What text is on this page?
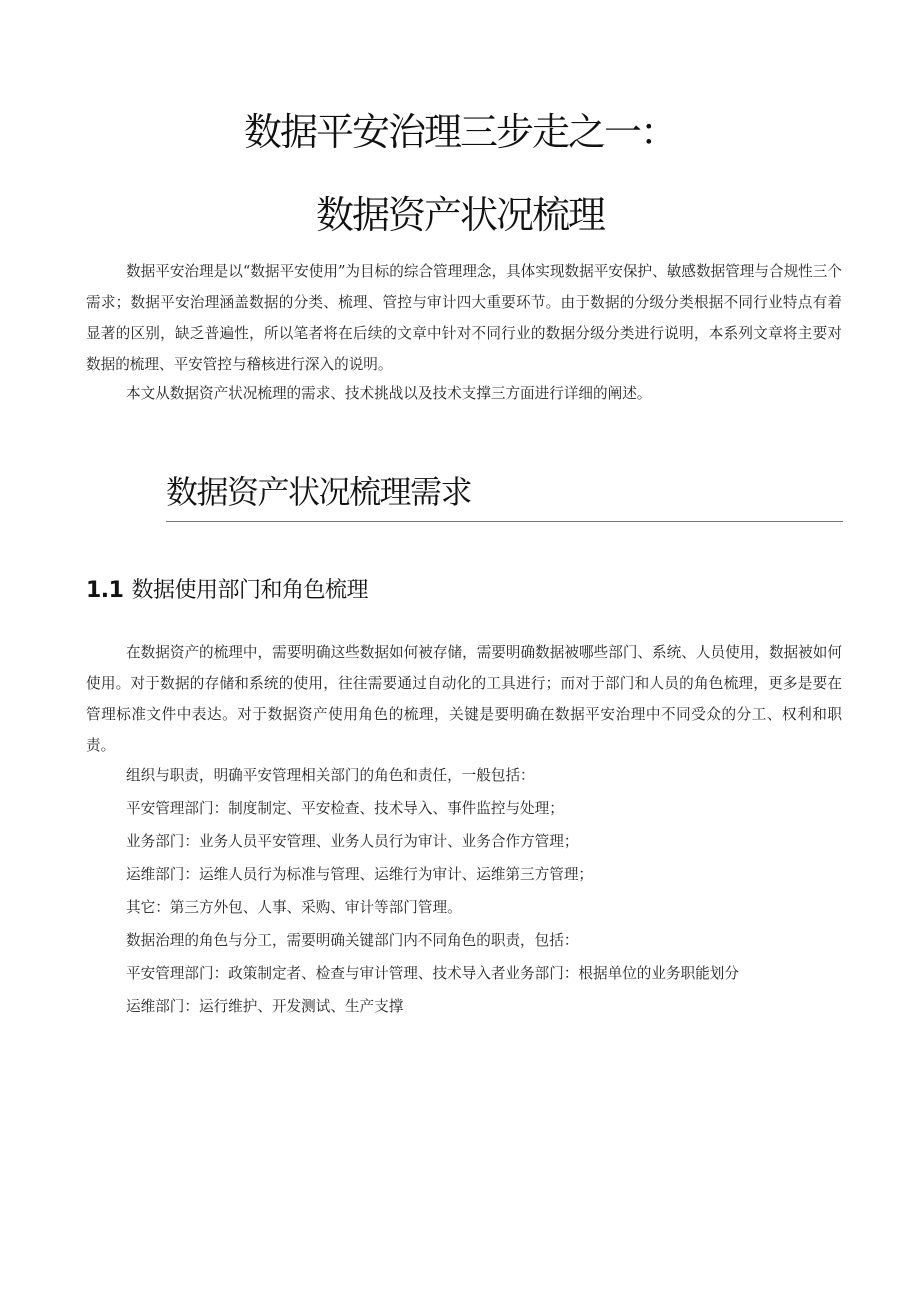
数据平安治理三步走之一：
数据资产状况梳理

数据平安治理是以“数据平安使用”为目标的综合管理理念，具体实现数据平安保护、敏感数据管理与合规性三个需求；数据平安治理涵盖数据的分类、梳理、管控与审计四大重要环节。由于数据的分级分类根据不同行业特点有着显著的区别，缺乏普遍性，所以笔者将在后续的文章中针对不同行业的数据分级分类进行说明，本系列文章将主要对数据的梳理、平安管控与稽核进行深入的说明。

本文从数据资产状况梳理的需求、技术挑战以及技术支撑三方面进行详细的阐述。

数据资产状况梳理需求
1.1 数据使用部门和角色梳理

在数据资产的梳理中，需要明确这些数据如何被存储，需要明确数据被哪些部门、系统、人员使用，数据被如何使用。对于数据的存储和系统的使用，往往需要通过自动化的工具进行；而对于部门和人员的角色梳理，更多是要在管理标准文件中表达。对于数据资产使用角色的梳理，关键是要明确在数据平安治理中不同受众的分工、权利和职责。

组织与职责，明确平安管理相关部门的角色和责任，一般包括：

平安管理部门：制度制定、平安检查、技术导入、事件监控与处理；

业务部门：业务人员平安管理、业务人员行为审计、业务合作方管理；

运维部门：运维人员行为标准与管理、运维行为审计、运维第三方管理；

其它：第三方外包、人事、采购、审计等部门管理。

数据治理的角色与分工，需要明确关键部门内不同角色的职责，包括：

平安管理部门：政策制定者、检查与审计管理、技术导入者业务部门：根据单位的业务职能划分

运维部门：运行维护、开发测试、生产支撑
